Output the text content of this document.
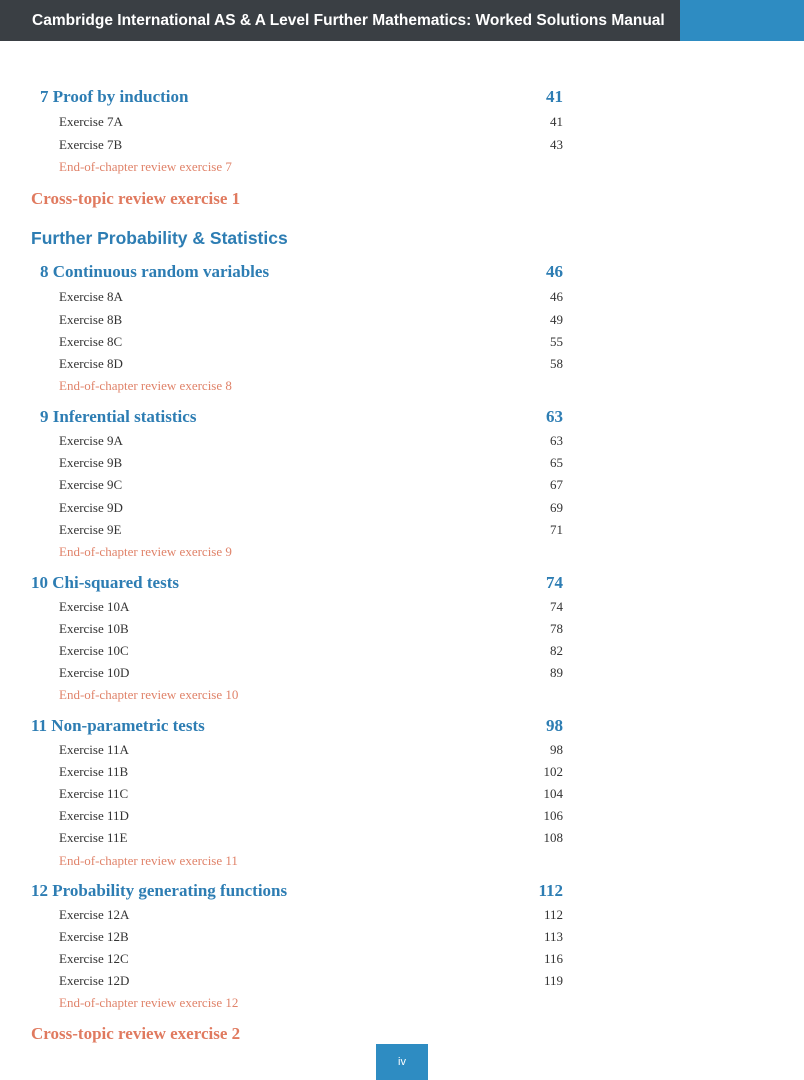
Cambridge International AS & A Level Further Mathematics: Worked Solutions Manual
7 Proof by induction	41
Exercise 7A	41
Exercise 7B	43
End-of-chapter review exercise 7
Cross-topic review exercise 1
Further Probability & Statistics
8 Continuous random variables	46
Exercise 8A	46
Exercise 8B	49
Exercise 8C	55
Exercise 8D	58
End-of-chapter review exercise 8
9 Inferential statistics	63
Exercise 9A	63
Exercise 9B	65
Exercise 9C	67
Exercise 9D	69
Exercise 9E	71
End-of-chapter review exercise 9
10 Chi-squared tests	74
Exercise 10A	74
Exercise 10B	78
Exercise 10C	82
Exercise 10D	89
End-of-chapter review exercise 10
11 Non-parametric tests	98
Exercise 11A	98
Exercise 11B	102
Exercise 11C	104
Exercise 11D	106
Exercise 11E	108
End-of-chapter review exercise 11
12 Probability generating functions	112
Exercise 12A	112
Exercise 12B	113
Exercise 12C	116
Exercise 12D	119
End-of-chapter review exercise 12
Cross-topic review exercise 2
iv
